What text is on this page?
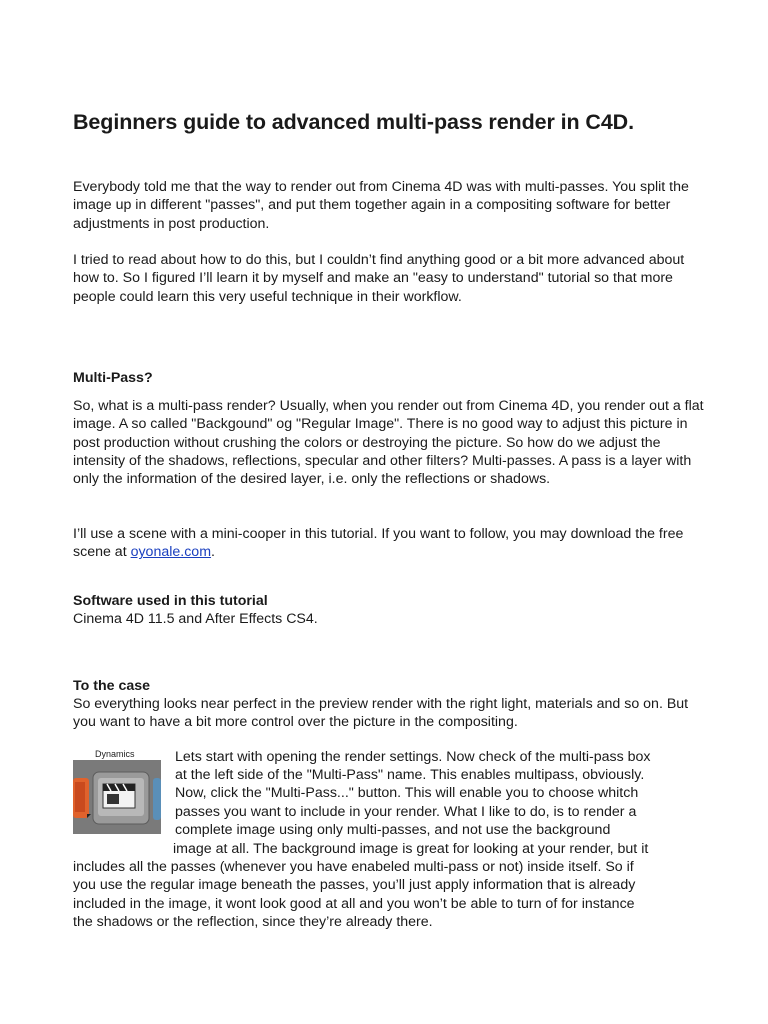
Beginners guide to advanced multi-pass render in C4D.

Everybody told me that the way to render out from Cinema 4D was with multi-passes. You split the image up in different "passes", and put them together again in a compositing software for better adjustments in post production.

I tried to read about how to do this, but I couldn’t find anything good or a bit more advanced about how to. So I figured I’ll learn it by myself and make an "easy to understand" tutorial so that more people could learn this very useful technique in their workflow.

Multi-Pass?

So, what is a multi-pass render? Usually, when you render out from Cinema 4D, you render out a flat image. A so called "Backgound" og "Regular Image". There is no good way to adjust this picture in post production without crushing the colors or destroying the picture. So how do we adjust the intensity of the shadows, reflections, specular and other filters? Multi-passes. A pass is a layer with only the information of the desired layer, i.e. only the reflections or shadows.

I’ll use a scene with a mini-cooper in this tutorial. If you want to follow, you may download the free scene at oyonale.com.

Software used in this tutorial

Cinema 4D 11.5 and After Effects CS4.

To the case

So everything looks near perfect in the preview render with the right light, materials and so on. But you want to have a bit more control over the picture in the compositing.

Dynamics	Lets start with opening the render settings. Now check of the multi-pass box

at the left side of the "Multi-Pass" name. This enables multipass, obviously.

Now, click the "Multi-Pass..." button. This will enable you to choose whitch

passes you want to include in your render. What I like to do, is to render a

complete image using only multi-passes, and not use the background

image at all. The background image is great for looking at your render, but it

includes all the passes (whenever you have enabeled multi-pass or not) inside itself. So if

you use the regular image beneath the passes, you’ll just apply information that is already

included in the image, it wont look good at all and you won’t be able to turn of for instance

the shadows or the reflection, since they’re already there.
